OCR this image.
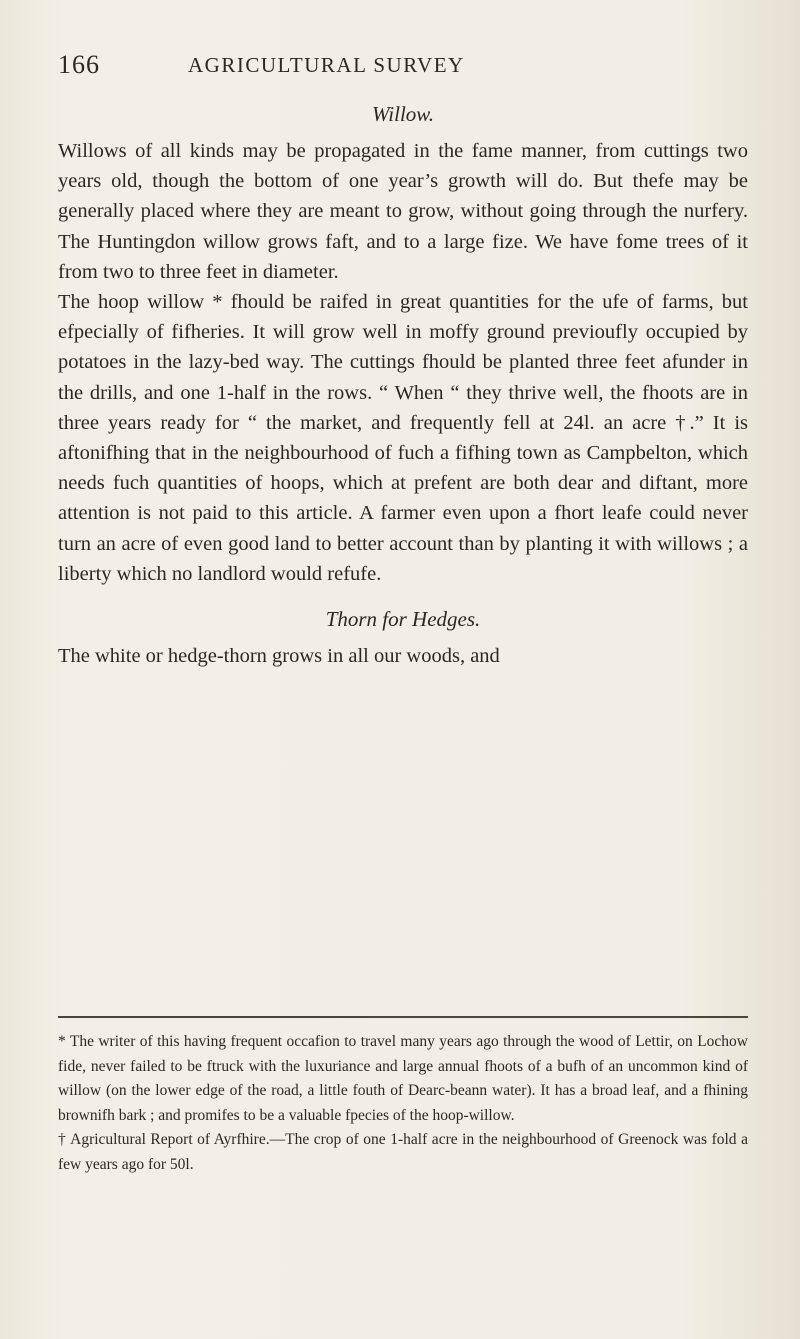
166	AGRICULTURAL SURVEY
Willow.

Willows of all kinds may be propagated in the fame manner, from cuttings two years old, though the bottom of one year’s growth will do. But thefe may be generally placed where they are meant to grow, without going through the nurfery. The Huntingdon willow grows faft, and to a large fize. We have fome trees of it from two to three feet in diameter.

The hoop willow * fhould be raifed in great quantities for the ufe of farms, but efpecially of fifheries. It will grow well in moffy ground previoufly occupied by potatoes in the lazy-bed way. The cuttings fhould be planted three feet afunder in the drills, and one 1-half in the rows. “ When “ they thrive well, the fhoots are in three years ready for “ the market, and frequently fell at 24l. an acre †.” It is aftonifhing that in the neighbourhood of fuch a fifhing town as Campbelton, which needs fuch quantities of hoops, which at prefent are both dear and diftant, more attention is not paid to this article. A farmer even upon a fhort leafe could never turn an acre of even good land to better account than by planting it with willows ; a liberty which no landlord would refufe.

Thorn for Hedges.

The white or hedge-thorn grows in all our woods, and

* The writer of this having frequent occafion to travel many years ago through the wood of Lettir, on Lochow fide, never failed to be ftruck with the luxuriance and large annual fhoots of a bufh of an uncommon kind of willow (on the lower edge of the road, a little fouth of Dearc-beann water). It has a broad leaf, and a fhining brownifh bark ; and promifes to be a valuable fpecies of the hoop-willow.

† Agricultural Report of Ayrfhire.—The crop of one 1-half acre in the neighbourhood of Greenock was fold a few years ago for 50l.
